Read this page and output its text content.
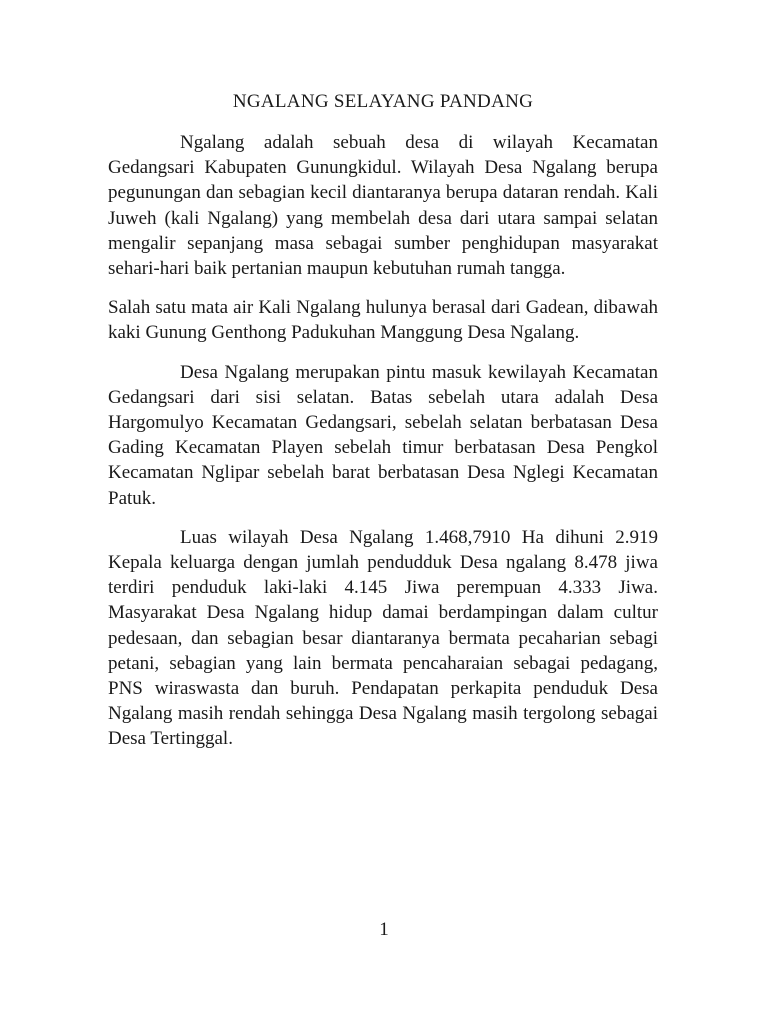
NGALANG SELAYANG PANDANG

Ngalang adalah sebuah desa di wilayah Kecamatan Gedangsari Kabupaten Gunungkidul. Wilayah Desa Ngalang berupa pegunungan dan sebagian kecil diantaranya berupa dataran rendah. Kali Juweh (kali Ngalang) yang membelah desa dari utara sampai selatan mengalir sepanjang masa sebagai sumber penghidupan masyarakat sehari-hari baik pertanian maupun kebutuhan rumah tangga.

Salah satu mata air Kali Ngalang hulunya berasal dari Gadean, dibawah kaki Gunung Genthong Padukuhan Manggung Desa Ngalang.

Desa Ngalang merupakan pintu masuk kewilayah Kecamatan Gedangsari dari sisi selatan. Batas sebelah utara adalah Desa Hargomulyo Kecamatan Gedangsari, sebelah selatan berbatasan Desa Gading Kecamatan Playen sebelah timur berbatasan Desa Pengkol Kecamatan Nglipar sebelah barat berbatasan Desa Nglegi Kecamatan Patuk.

Luas wilayah Desa Ngalang 1.468,7910 Ha dihuni 2.919 Kepala keluarga dengan jumlah pendudduk Desa ngalang 8.478 jiwa terdiri penduduk laki-laki 4.145 Jiwa perempuan 4.333 Jiwa. Masyarakat Desa Ngalang hidup damai berdampingan dalam cultur pedesaan, dan sebagian besar diantaranya bermata pecaharian sebagi petani, sebagian yang lain bermata pencaharaian sebagai pedagang, PNS wiraswasta dan buruh. Pendapatan perkapita penduduk Desa Ngalang masih rendah sehingga Desa Ngalang masih tergolong sebagai Desa Tertinggal.

1
